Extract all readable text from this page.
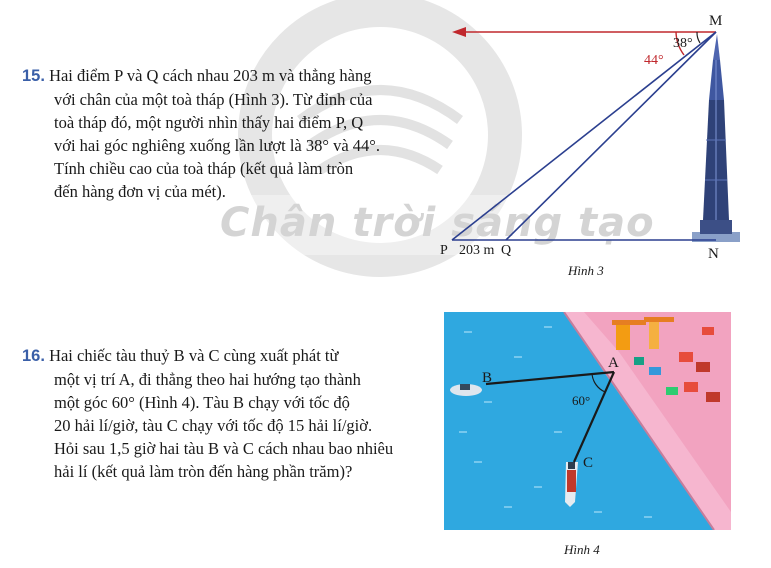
Chân trời sáng tạo
15. Hai điểm P và Q cách nhau 203 m và thẳng hàng
với chân của một toà tháp (Hình 3). Từ đỉnh của
toà tháp đó, một người nhìn thấy hai điểm P, Q
với hai góc nghiêng xuống lần lượt là 38° và 44°.
Tính chiều cao của toà tháp (kết quả làm tròn
đến hàng đơn vị của mét).
M
N
P 203 m Q
38°
44°
Hình 3
16. Hai chiếc tàu thuỷ B và C cùng xuất phát từ
một vị trí A, đi thẳng theo hai hướng tạo thành
một góc 60° (Hình 4). Tàu B chạy với tốc độ
20 hải lí/giờ, tàu C chạy với tốc độ 15 hải lí/giờ.
Hỏi sau 1,5 giờ hai tàu B và C cách nhau bao nhiêu
hải lí (kết quả làm tròn đến hàng phần trăm)?
A
B
C
60°
Hình 4
